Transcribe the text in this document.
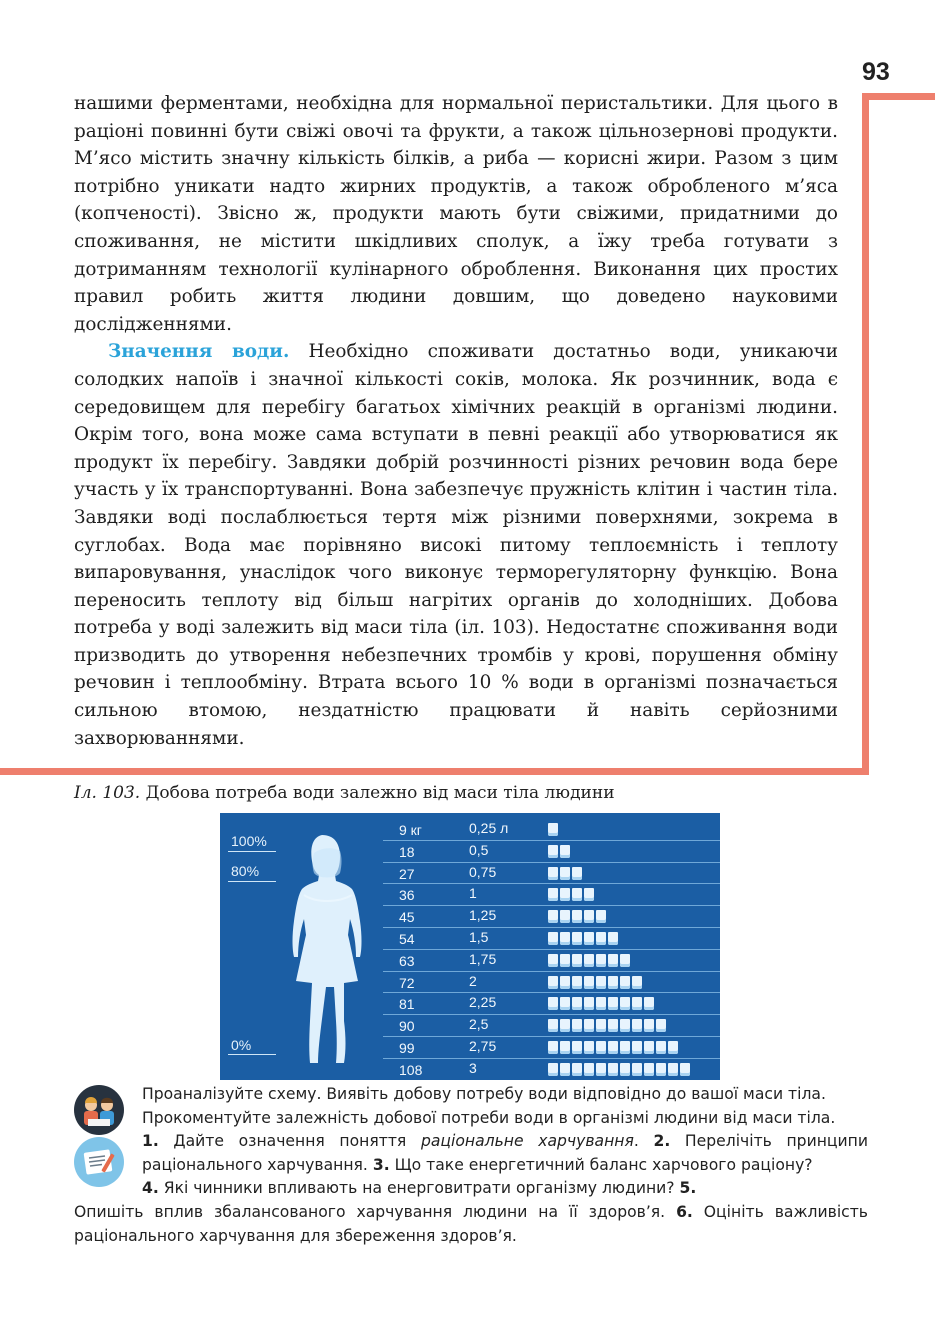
93

нашими ферментами, необхідна для нормальної перистальтики. Для цього в раціоні повинні бути свіжі овочі та фрукти, а також цільнозернові продукти. М’ясо містить значну кількість білків, а риба — корисні жири. Разом з цим потрібно уникати надто жирних продуктів, а також обробленого м’яса (копченості). Звісно ж, продукти мають бути свіжими, придатними до споживання, не містити шкідливих сполук, а їжу треба готувати з дотриманням технології кулінарного оброблення. Виконання цих простих правил робить життя людини довшим, що доведено науковими дослідженнями.

Значення води. Необхідно споживати достатньо води, уникаючи солодких напоїв і значної кількості соків, молока. Як розчинник, вода є середовищем для перебігу багатьох хімічних реакцій в організмі людини. Окрім того, вона може сама вступати в певні реакції або утворюватися як продукт їх перебігу. Завдяки добрій розчинності різних речовин вода бере участь у їх транспортуванні. Вона забезпечує пружність клітин і частин тіла. Завдяки воді послаблюється тертя між різними поверхнями, зокрема в суглобах. Вода має порівняно високі питому теплоємність і теплоту випаровування, унаслідок чого виконує терморегуляторну функцію. Вона переносить теплоту від більш нагрітих органів до холодніших. Добова потреба у воді залежить від маси тіла (іл. 103). Недостатнє споживання води призводить до утворення небезпечних тромбів у крові, порушення обміну речовин і теплообміну. Втрата всього 10 % води в організмі позначається сильною втомою, нездатністю працювати й навіть серйозними захворюваннями.

Іл. 103. Добова потреба води залежно від маси тіла людини
100%
80%
0%
9 кг	0,25 л
18	0,5
27	0,75
36	1
45	1,25
54	1,5
63	1,75
72	2
81	2,25
90	2,5
99	2,75
108	3

Проаналізуйте схему. Виявіть добову потребу води відповідно до вашої маси тіла.

Прокоментуйте залежність добової потреби води в організмі людини від маси тіла.

1. Дайте означення поняття раціональне харчування. 2. Перелічіть принципи раціонального харчування. 3. Що таке енергетичний баланс харчового раціону?

4. Які чинники впливають на енерговитрати організму людини? 5.

Опишіть вплив збалансованого харчування людини на її здоров’я. 6. Оцініть важливість раціонального харчування для збереження здоров’я.
